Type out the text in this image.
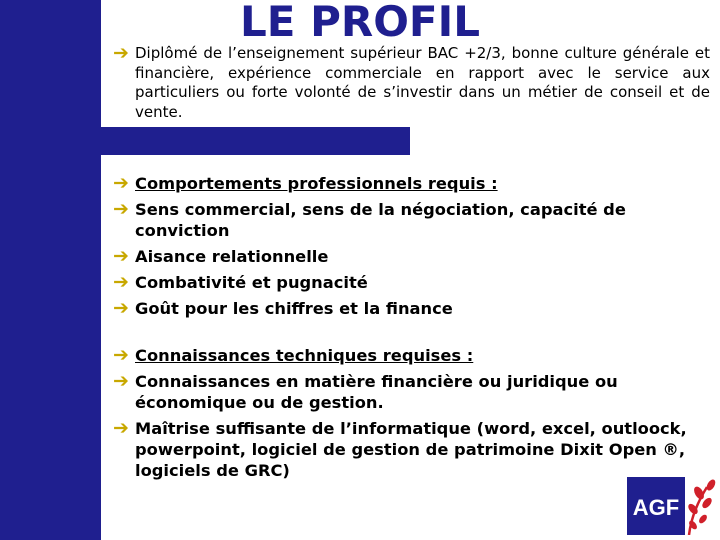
LE PROFIL
➔ Diplômé de l’enseignement supérieur BAC +2/3, bonne culture générale et financière, expérience commerciale en rapport avec le service aux particuliers ou forte volonté de s’investir dans un métier de conseil et de vente.
➔ Comportements professionnels requis :
➔ Sens commercial, sens de la négociation, capacité de conviction
➔ Aisance relationnelle
➔ Combativité et pugnacité
➔ Goût pour les chiffres et la finance
➔ Connaissances techniques requises :
➔ Connaissances en matière financière ou juridique ou économique ou de gestion.
➔ Maîtrise suffisante de l’informatique (word, excel, outloock, powerpoint, logiciel de gestion de patrimoine Dixit Open ®, logiciels de GRC)
AGF
